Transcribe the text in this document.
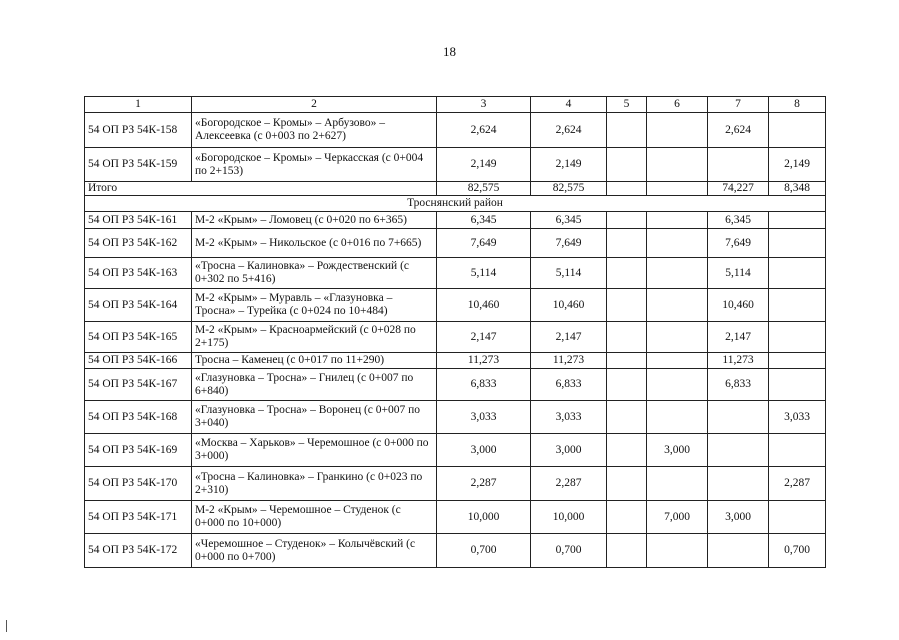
18
1	2	3	4	5	6	7	8
54 ОП РЗ 54К-158	«Богородское – Кромы» – Арбузово» – Алексеевка (с 0+003 по 2+627)	2,624	2,624			2,624	
54 ОП РЗ 54К-159	«Богородское – Кромы» – Черкасская (с 0+004 по 2+153)	2,149	2,149				2,149
Итого		82,575	82,575			74,227	8,348
Троснянский район							
54 ОП РЗ 54К-161	М-2 «Крым» – Ломовец (с 0+020 по 6+365)	6,345	6,345			6,345	
54 ОП РЗ 54К-162	М-2 «Крым» – Никольское (с 0+016 по 7+665)	7,649	7,649			7,649	
54 ОП РЗ 54К-163	«Тросна – Калиновка» – Рождественский (с 0+302 по 5+416)	5,114	5,114			5,114	
54 ОП РЗ 54К-164	М-2 «Крым» – Муравль – «Глазуновка – Тросна» – Турейка (с 0+024 по 10+484)	10,460	10,460			10,460	
54 ОП РЗ 54К-165	М-2 «Крым» – Красноармейский (с 0+028 по 2+175)	2,147	2,147			2,147	
54 ОП РЗ 54К-166	Тросна – Каменец (с 0+017 по 11+290)	11,273	11,273			11,273	
54 ОП РЗ 54К-167	«Глазуновка – Тросна» – Гнилец (с 0+007 по 6+840)	6,833	6,833			6,833	
54 ОП РЗ 54К-168	«Глазуновка – Тросна» – Воронец (с 0+007 по 3+040)	3,033	3,033				3,033
54 ОП РЗ 54К-169	«Москва – Харьков» – Черемошное (с 0+000 по 3+000)	3,000	3,000		3,000		
54 ОП РЗ 54К-170	«Тросна – Калиновка» – Гранкино (с 0+023 по 2+310)	2,287	2,287				2,287
54 ОП РЗ 54К-171	М-2 «Крым» – Черемошное – Студенок (с 0+000 по 10+000)	10,000	10,000		7,000	3,000	
54 ОП РЗ 54К-172	«Черемошное – Студенок» – Колычёвский (с 0+000 по 0+700)	0,700	0,700				0,700
